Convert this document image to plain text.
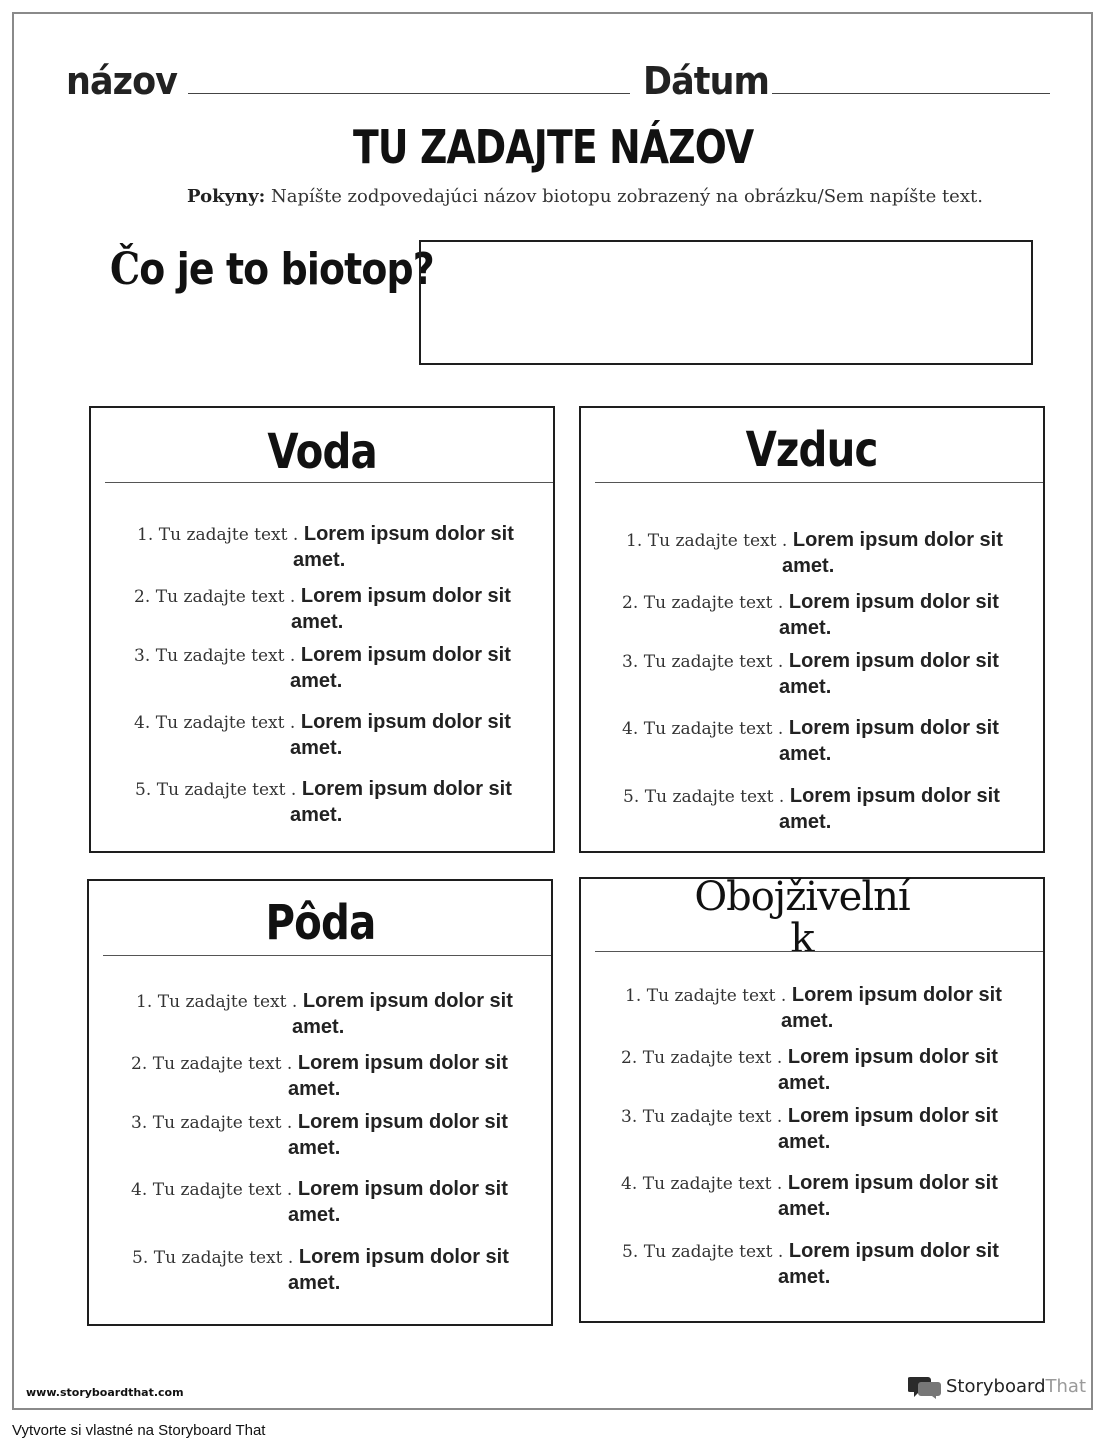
názov	Dátum
TU ZADAJTE NÁZOV
Pokyny: Napíšte zodpovedajúci názov biotopu zobrazený na obrázku/Sem napíšte text.
Čo je to biotop?
Voda
1. Tu zadajte text . Lorem ipsum dolor sit
amet.
2. Tu zadajte text . Lorem ipsum dolor sit
amet.
3. Tu zadajte text . Lorem ipsum dolor sit
amet.
4. Tu zadajte text . Lorem ipsum dolor sit
amet.
5. Tu zadajte text . Lorem ipsum dolor sit
amet.
Vzduc
1. Tu zadajte text . Lorem ipsum dolor sit
amet.
2. Tu zadajte text . Lorem ipsum dolor sit
amet.
3. Tu zadajte text . Lorem ipsum dolor sit
amet.
4. Tu zadajte text . Lorem ipsum dolor sit
amet.
5. Tu zadajte text . Lorem ipsum dolor sit
amet.
Pôda
1. Tu zadajte text . Lorem ipsum dolor sit
amet.
2. Tu zadajte text . Lorem ipsum dolor sit
amet.
3. Tu zadajte text . Lorem ipsum dolor sit
amet.
4. Tu zadajte text . Lorem ipsum dolor sit
amet.
5. Tu zadajte text . Lorem ipsum dolor sit
amet.
Obojživelní
k
1. Tu zadajte text . Lorem ipsum dolor sit
amet.
2. Tu zadajte text . Lorem ipsum dolor sit
amet.
3. Tu zadajte text . Lorem ipsum dolor sit
amet.
4. Tu zadajte text . Lorem ipsum dolor sit
amet.
5. Tu zadajte text . Lorem ipsum dolor sit
amet.
www.storyboardthat.com	Storyboard That
Vytvorte si vlastné na Storyboard That
